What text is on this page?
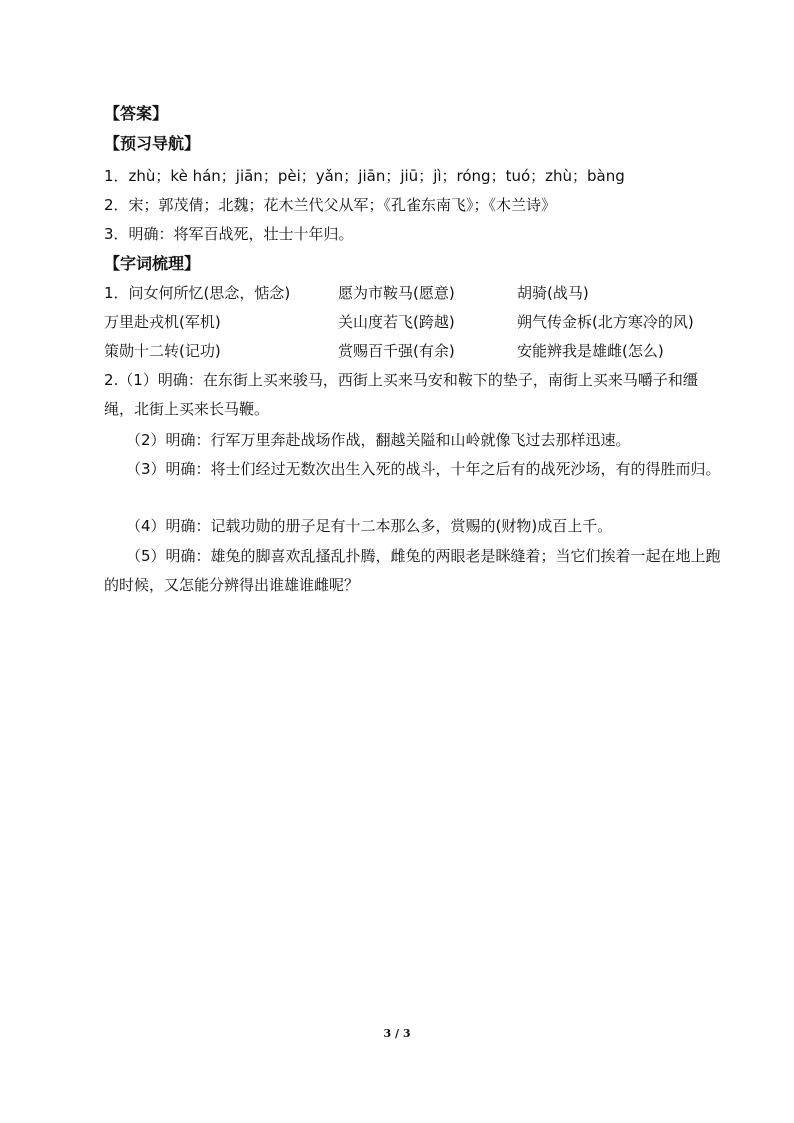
【答案】
【预习导航】
1．zhù；kè hán；jiān；pèi；yǎn；jiān；jiū；jì；róng；tuó；zhù；bàng
2．宋；郭茂倩；北魏；花木兰代父从军；《孔雀东南飞》；《木兰诗》
3．明确：将军百战死，壮士十年归。
【字词梳理】
1．问女何所忆(思念，惦念)	愿为市鞍马(愿意)	胡骑(战马)
万里赴戎机(军机)	关山度若飞(跨越)	朔气传金柝(北方寒冷的风)
策勋十二转(记功)	赏赐百千强(有余)	安能辨我是雄雌(怎么)
2.（1）明确：在东街上买来骏马，西街上买来马安和鞍下的垫子，南街上买来马嚼子和缰绳，北街上买来长马鞭。
（2）明确：行军万里奔赴战场作战，翻越关隘和山岭就像飞过去那样迅速。
（3）明确：将士们经过无数次出生入死的战斗，十年之后有的战死沙场，有的得胜而归。
（4）明确：记载功勋的册子足有十二本那么多，赏赐的(财物)成百上千。
（5）明确：雄兔的脚喜欢乱搔乱扑腾，雌兔的两眼老是眯缝着；当它们挨着一起在地上跑的时候，又怎能分辨得出谁雄谁雌呢？
3 / 3
